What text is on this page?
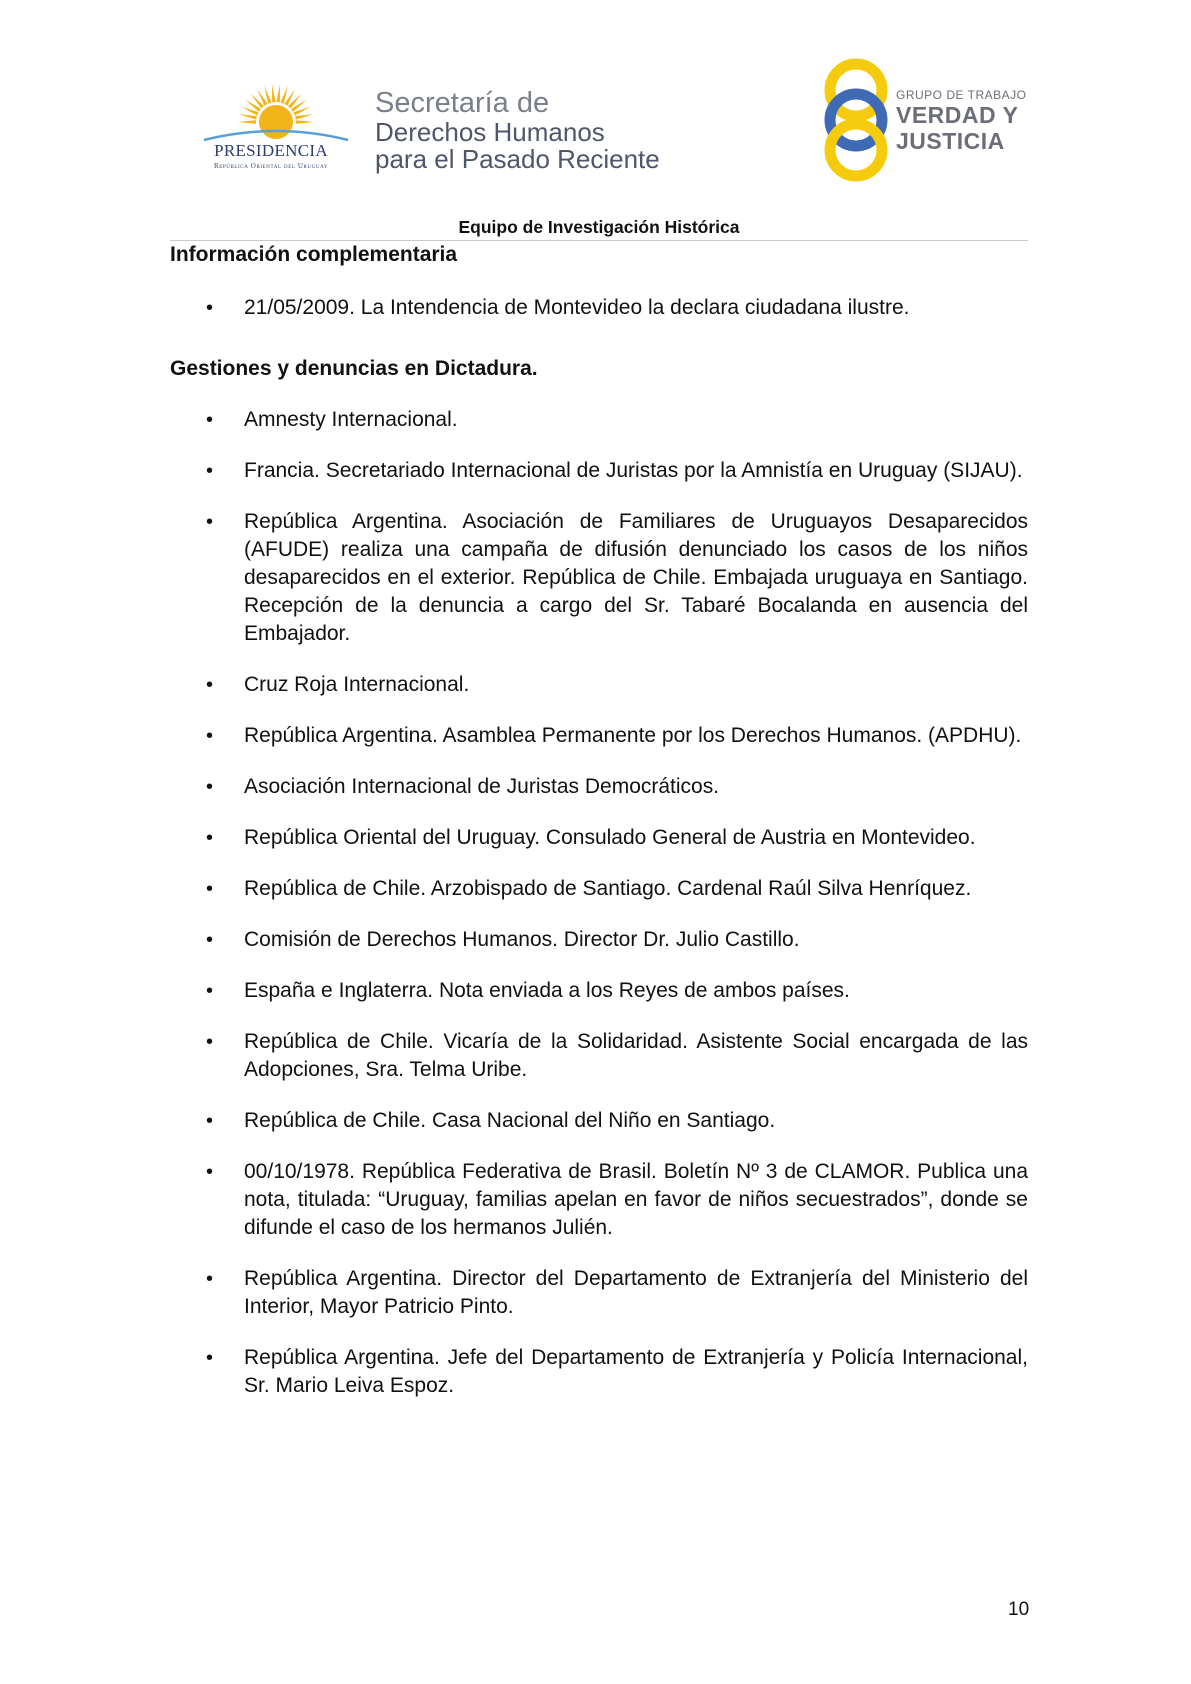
PRESIDENCIA
República Oriental del Uruguay
Secretaría de
Derechos Humanos
para el Pasado Reciente
GRUPO DE TRABAJO
VERDAD Y
JUSTICIA
Equipo de Investigación Histórica
Información complementaria
• 21/05/2009. La Intendencia de Montevideo la declara ciudadana ilustre.
Gestiones y denuncias en Dictadura.
• Amnesty Internacional.
• Francia. Secretariado Internacional de Juristas por la Amnistía en Uruguay (SIJAU).
• República Argentina. Asociación de Familiares de Uruguayos Desaparecidos (AFUDE) realiza una campaña de difusión denunciado los casos de los niños desaparecidos en el exterior. República de Chile. Embajada uruguaya en Santiago. Recepción de la denuncia a cargo del Sr. Tabaré Bocalanda en ausencia del Embajador.
• Cruz Roja Internacional.
• República Argentina. Asamblea Permanente por los Derechos Humanos. (APDHU).
• Asociación Internacional de Juristas Democráticos.
• República Oriental del Uruguay. Consulado General de Austria en Montevideo.
• República de Chile. Arzobispado de Santiago. Cardenal Raúl Silva Henríquez.
• Comisión de Derechos Humanos. Director Dr. Julio Castillo.
• España e Inglaterra. Nota enviada a los Reyes de ambos países.
• República de Chile. Vicaría de la Solidaridad. Asistente Social encargada de las Adopciones, Sra. Telma Uribe.
• República de Chile. Casa Nacional del Niño en Santiago.
• 00/10/1978. República Federativa de Brasil. Boletín Nº 3 de CLAMOR. Publica una nota, titulada: “Uruguay, familias apelan en favor de niños secuestrados”, donde se difunde el caso de los hermanos Julién.
• República Argentina. Director del Departamento de Extranjería del Ministerio del Interior, Mayor Patricio Pinto.
• República Argentina. Jefe del Departamento de Extranjería y Policía Internacional, Sr. Mario Leiva Espoz.
10
